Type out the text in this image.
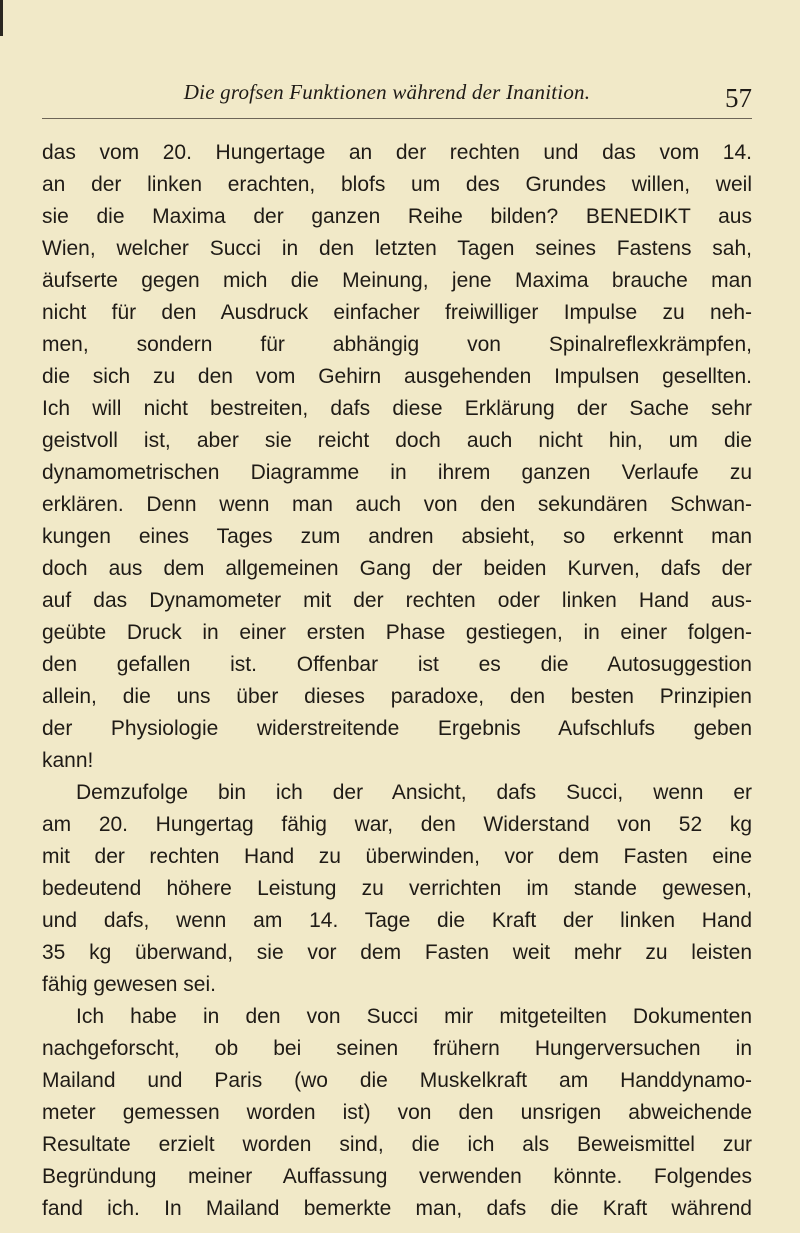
Die grofsen Funktionen während der Inanition.	57
das vom 20. Hungertage an der rechten und das vom 14.
an der linken erachten, blofs um des Grundes willen, weil
sie die Maxima der ganzen Reihe bilden? BENEDIKT aus
Wien, welcher Succi in den letzten Tagen seines Fastens sah,
äufserte gegen mich die Meinung, jene Maxima brauche man
nicht für den Ausdruck einfacher freiwilliger Impulse zu neh-
men, sondern für abhängig von Spinalreflexkrämpfen,
die sich zu den vom Gehirn ausgehenden Impulsen gesellten.
Ich will nicht bestreiten, dafs diese Erklärung der Sache sehr
geistvoll ist, aber sie reicht doch auch nicht hin, um die
dynamometrischen Diagramme in ihrem ganzen Verlaufe zu
erklären. Denn wenn man auch von den sekundären Schwan-
kungen eines Tages zum andren absieht, so erkennt man
doch aus dem allgemeinen Gang der beiden Kurven, dafs der
auf das Dynamometer mit der rechten oder linken Hand aus-
geübte Druck in einer ersten Phase gestiegen, in einer folgen-
den gefallen ist. Offenbar ist es die Autosuggestion
allein, die uns über dieses paradoxe, den besten Prinzipien
der Physiologie widerstreitende Ergebnis Aufschlufs geben
kann!
Demzufolge bin ich der Ansicht, dafs Succi, wenn er
am 20. Hungertag fähig war, den Widerstand von 52 kg
mit der rechten Hand zu überwinden, vor dem Fasten eine
bedeutend höhere Leistung zu verrichten im stande gewesen,
und dafs, wenn am 14. Tage die Kraft der linken Hand
35 kg überwand, sie vor dem Fasten weit mehr zu leisten
fähig gewesen sei.
Ich habe in den von Succi mir mitgeteilten Dokumenten
nachgeforscht, ob bei seinen frühern Hungerversuchen in
Mailand und Paris (wo die Muskelkraft am Handdynamo-
meter gemessen worden ist) von den unsrigen abweichende
Resultate erzielt worden sind, die ich als Beweismittel zur
Begründung meiner Auffassung verwenden könnte. Folgendes
fand ich. In Mailand bemerkte man, dafs die Kraft während
